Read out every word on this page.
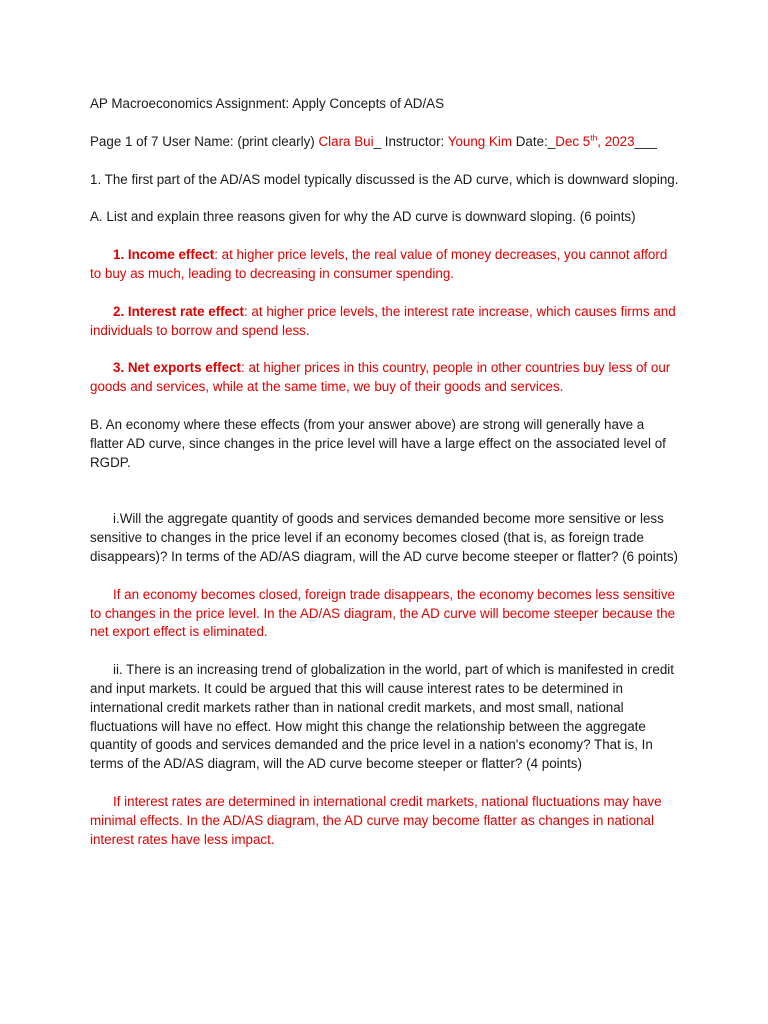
AP Macroeconomics Assignment: Apply Concepts of AD/AS

Page 1 of 7 User Name: (print clearly) Clara Bui_ Instructor: Young Kim Date:_Dec 5th, 2023___

1. The first part of the AD/AS model typically discussed is the AD curve, which is downward sloping.

A. List and explain three reasons given for why the AD curve is downward sloping. (6 points)

1. Income effect: at higher price levels, the real value of money decreases, you cannot afford to buy as much, leading to decreasing in consumer spending.

2. Interest rate effect: at higher price levels, the interest rate increase, which causes firms and individuals to borrow and spend less.

3. Net exports effect: at higher prices in this country, people in other countries buy less of our goods and services, while at the same time, we buy of their goods and services.

B. An economy where these effects (from your answer above) are strong will generally have a flatter AD curve, since changes in the price level will have a large effect on the associated level of RGDP.

i.Will the aggregate quantity of goods and services demanded become more sensitive or less sensitive to changes in the price level if an economy becomes closed (that is, as foreign trade disappears)? In terms of the AD/AS diagram, will the AD curve become steeper or flatter? (6 points)

If an economy becomes closed, foreign trade disappears, the economy becomes less sensitive to changes in the price level. In the AD/AS diagram, the AD curve will become steeper because the net export effect is eliminated.

ii. There is an increasing trend of globalization in the world, part of which is manifested in credit and input markets. It could be argued that this will cause interest rates to be determined in international credit markets rather than in national credit markets, and most small, national fluctuations will have no effect. How might this change the relationship between the aggregate quantity of goods and services demanded and the price level in a nation's economy? That is, In terms of the AD/AS diagram, will the AD curve become steeper or flatter? (4 points)

If interest rates are determined in international credit markets, national fluctuations may have minimal effects. In the AD/AS diagram, the AD curve may become flatter as changes in national interest rates have less impact.
